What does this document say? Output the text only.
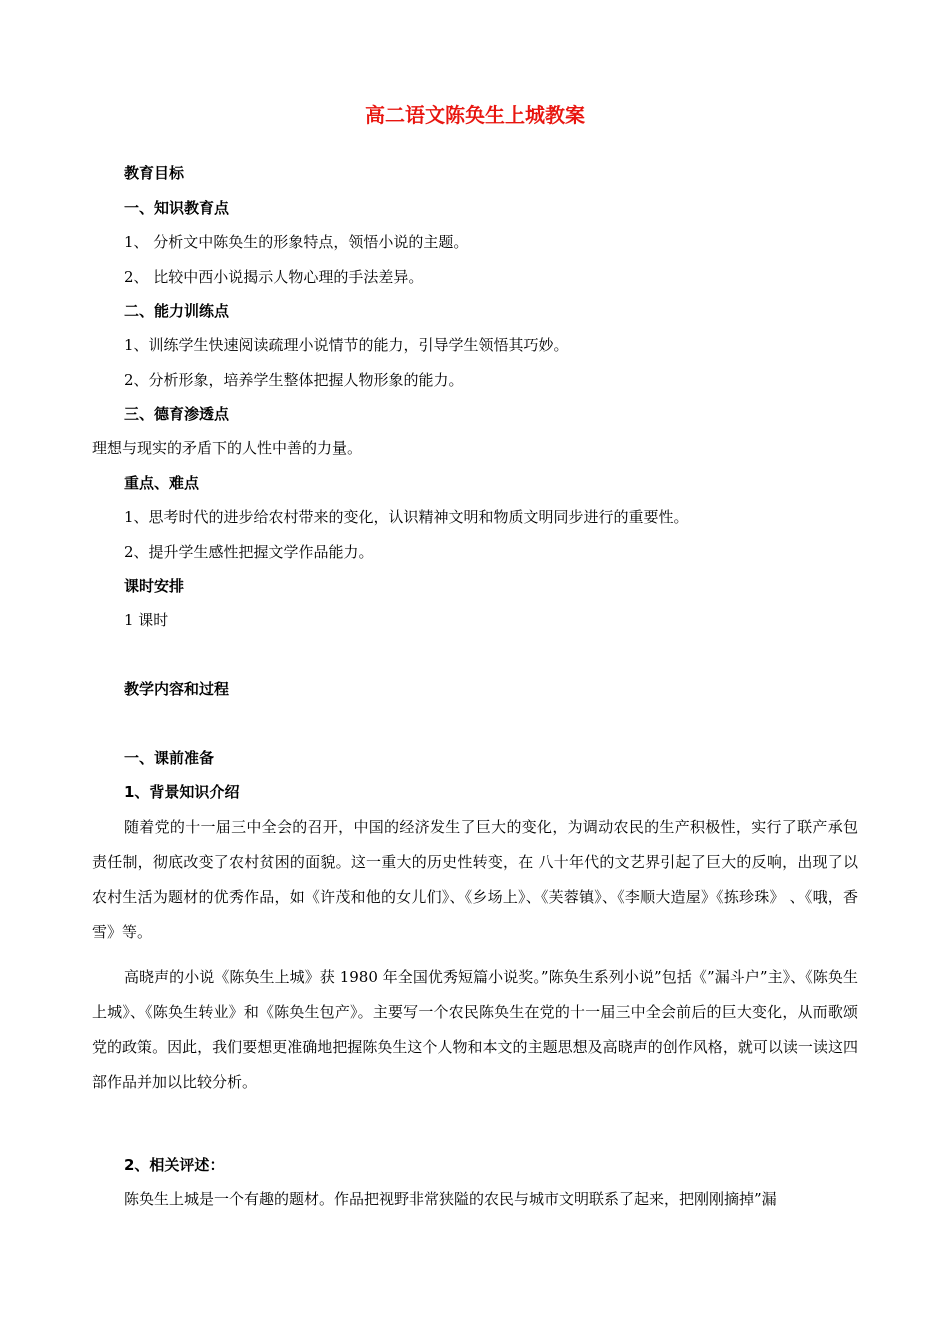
高二语文陈奂生上城教案
教育目标
一、知识教育点
1、 分析文中陈奂生的形象特点，领悟小说的主题。
2、 比较中西小说揭示人物心理的手法差异。
二、能力训练点
1、训练学生快速阅读疏理小说情节的能力，引导学生领悟其巧妙。
2、分析形象，培养学生整体把握人物形象的能力。
三、德育渗透点
理想与现实的矛盾下的人性中善的力量。
重点、难点
1、思考时代的进步给农村带来的变化，认识精神文明和物质文明同步进行的重要性。
2、提升学生感性把握文学作品能力。
课时安排
1 课时
教学内容和过程
一、课前准备
1、背景知识介绍
随着党的十一届三中全会的召开，中国的经济发生了巨大的变化，为调动农民的生产积极性，实行了联产承包责任制，彻底改变了农村贫困的面貌。这一重大的历史性转变，在 八十年代的文艺界引起了巨大的反响，出现了以农村生活为题材的优秀作品，如《许茂和他的女儿们》、《乡场上》、《芙蓉镇》、《李顺大造屋》《拣珍珠》 、《哦，香雪》等。
高晓声的小说《陈奂生上城》获 1980 年全国优秀短篇小说奖。”陈奂生系列小说”包括《”漏斗户”主》、《陈奂生上城》、《陈奂生转业》和《陈奂生包产》。主要写一个农民陈奂生在党的十一届三中全会前后的巨大变化，从而歌颂党的政策。因此，我们要想更准确地把握陈奂生这个人物和本文的主题思想及高晓声的创作风格，就可以读一读这四部作品并加以比较分析。
2、相关评述：
陈奂生上城是一个有趣的题材。作品把视野非常狭隘的农民与城市文明联系了起来，把刚刚摘掉”漏
